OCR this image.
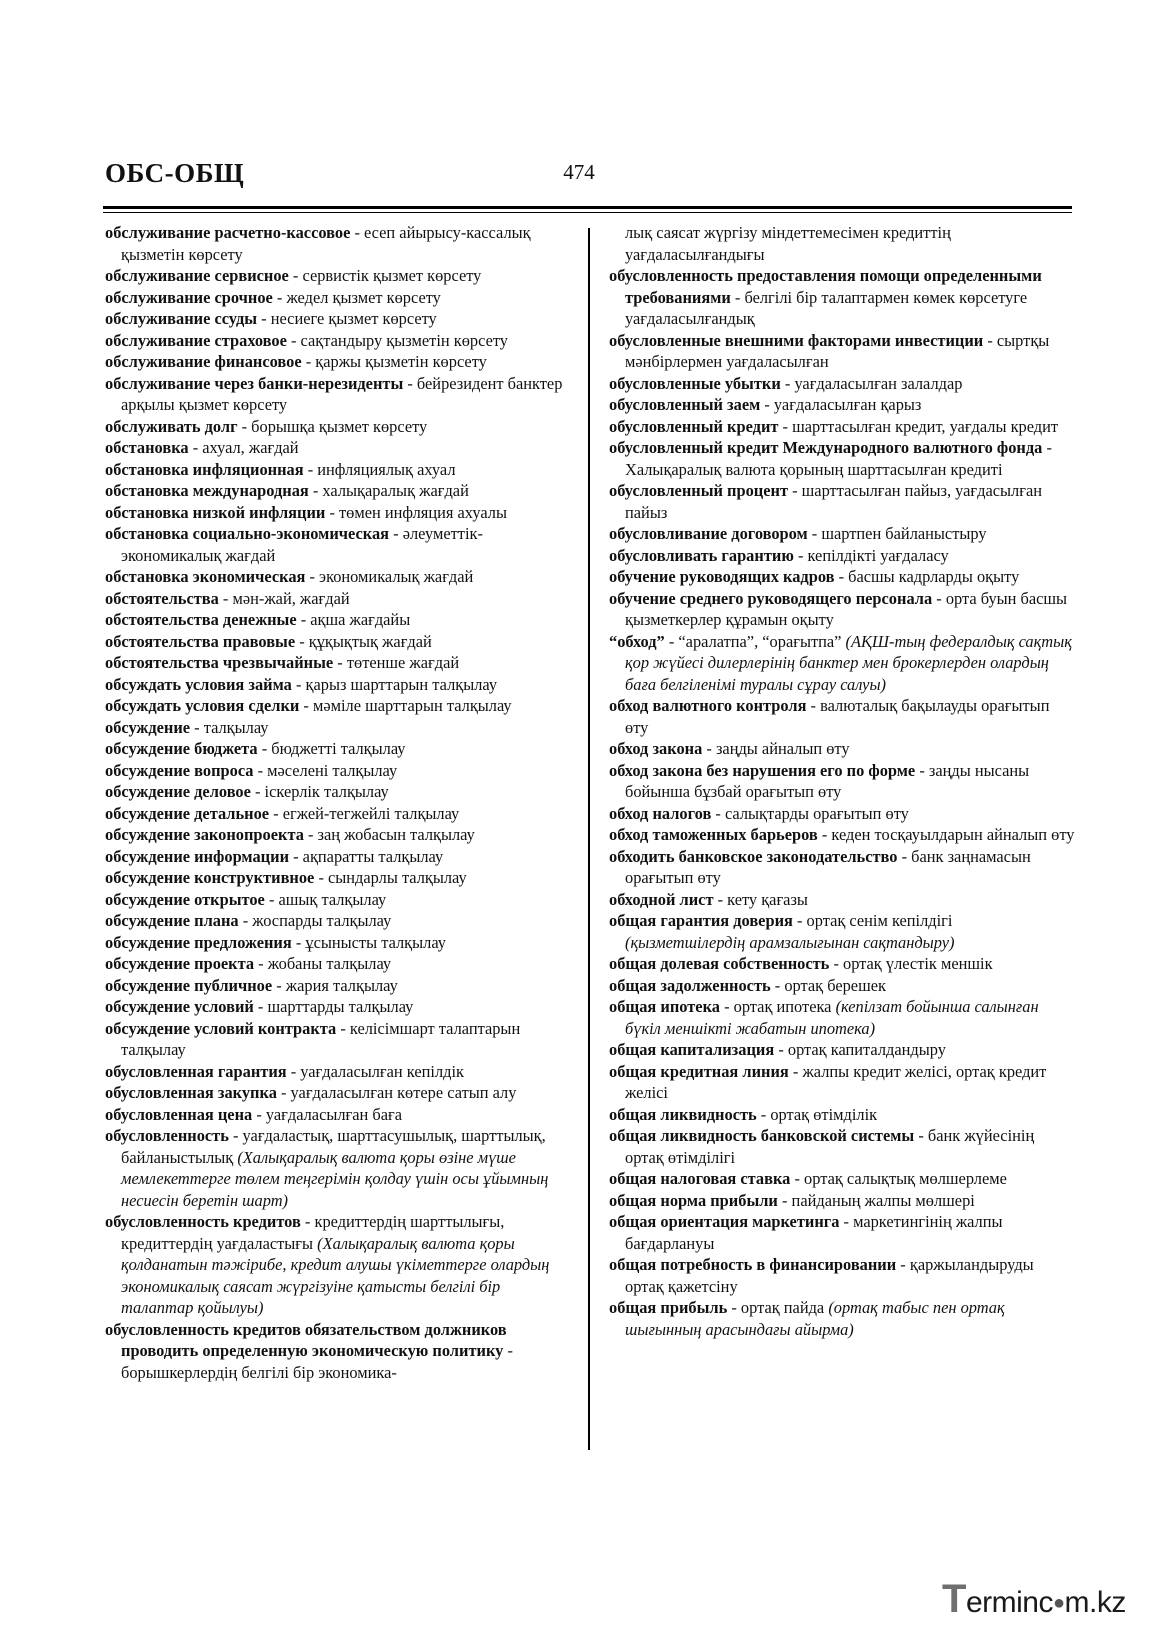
ОБС-ОБЩ	474

обслуживание расчетно-кассовое - есеп айырысу-кассалық қызметін көрсету

обслуживание сервисное - сервистік қызмет көрсету

обслуживание срочное - жедел қызмет көрсету

обслуживание ссуды - несиеге қызмет көрсету

обслуживание страховое - сақтандыру қызметін көрсету

обслуживание финансовое - қаржы қызметін көрсету

обслуживание через банки-нерезиденты - бейрезидент банктер арқылы қызмет көрсету

обслуживать долг - борышқа қызмет көрсету

обстановка - ахуал, жағдай

обстановка инфляционная - инфляциялық ахуал

обстановка международная - халықаралық жағдай

обстановка низкой инфляции - төмен инфляция ахуалы

обстановка социально-экономическая - әлеуметтік-экономикалық жағдай

обстановка экономическая - экономикалық жағдай

обстоятельства - мән-жай, жағдай

обстоятельства денежные - ақша жағдайы

обстоятельства правовые - құқықтық жағдай

обстоятельства чрезвычайные - төтенше жағдай

обсуждать условия займа - қарыз шарттарын талқылау

обсуждать условия сделки - мәміле шарттарын талқылау

обсуждение - талқылау

обсуждение бюджета - бюджетті талқылау

обсуждение вопроса - мәселені талқылау

обсуждение деловое - іскерлік талқылау

обсуждение детальное - егжей-тегжейлі талқылау

обсуждение законопроекта - заң жобасын талқылау

обсуждение информации - ақпаратты талқылау

обсуждение конструктивное - сындарлы талқылау

обсуждение открытое - ашық талқылау

обсуждение плана - жоспарды талқылау

обсуждение предложения - ұсынысты талқылау

обсуждение проекта - жобаны талқылау

обсуждение публичное - жария талқылау

обсуждение условий - шарттарды талқылау

обсуждение условий контракта - келісімшарт талаптарын талқылау

обусловленная гарантия - уағдаласылған кепілдік

обусловленная закупка - уағдаласылған көтере сатып алу

обусловленная цена - уағдаласылған баға

обусловленность - уағдаластық, шарттасушылық, шарттылық, байланыстылық (Халықаралық валюта қоры өзіне мүше мемлекеттерге төлем теңгерімін қолдау үшін осы ұйымның несиесін беретін шарт)

обусловленность кредитов - кредиттердің шарттылығы, кредиттердің уағдаластығы (Халықаралық валюта қоры қолданатын тәжірибе, кредит алушы үкіметтерге олардың экономикалық саясат жүргізуіне қатысты белгілі бір талаптар қойылуы)

обусловленность кредитов обязательством должников проводить определенную экономическую политику - борышкерлердің белгілі бір экономика-

лық саясат жүргізу міндеттемесімен кредиттің уағдаласылғандығы

обусловленность предоставления помощи определенными требованиями - белгілі бір талаптармен көмек көрсетуге уағдаласылғандық

обусловленные внешними факторами инвестиции - сыртқы мәнбірлермен уағдаласылған

обусловленные убытки - уағдаласылған залалдар

обусловленный заем - уағдаласылған қарыз

обусловленный кредит - шарттасылған кредит, уағдалы кредит

обусловленный кредит Международного валютного фонда - Халықаралық валюта қорының шарттасылған кредиті

обусловленный процент - шарттасылған пайыз, уағдасылған пайыз

обусловливание договором - шартпен байланыстыру

обусловливать гарантию - кепілдікті уағдаласу

обучение руководящих кадров - басшы кадрларды оқыту

обучение среднего руководящего персонала - орта буын басшы қызметкерлер құрамын оқыту

“обход” - “аралатпа”, “орағытпа” (АҚШ-тың федералдық сақтық қор жүйесі дилерлерінің банктер мен брокерлерден олардың баға белгіленімі туралы сұрау салуы)

обход валютного контроля - валюталық бақылауды орағытып өту

обход закона - заңды айналып өту

обход закона без нарушения его по форме - заңды нысаны бойынша бұзбай орағытып өту

обход налогов - салықтарды орағытып өту

обход таможенных барьеров - кеден тосқауылдарын айналып өту

обходить банковское законодательство - банк заңнамасын орағытып өту

обходной лист - кету қағазы

общая гарантия доверия - ортақ сенім кепілдігі (қызметшілердің арамзалығынан сақтандыру)

общая долевая собственность - ортақ үлестік меншік

общая задолженность - ортақ берешек

общая ипотека - ортақ ипотека (кепілзат бойынша салынған бүкіл меншікті жабатын ипотека)

общая капитализация - ортақ капиталдандыру

общая кредитная линия - жалпы кредит желісі, ортақ кредит желісі

общая ликвидность - ортақ өтімділік

общая ликвидность банковской системы - банк жүйесінің ортақ өтімділігі

общая налоговая ставка - ортақ салықтық мөлшерлеме

общая норма прибыли - пайданың жалпы мөлшері

общая ориентация маркетинга - маркетингінің жалпы бағдарлануы

общая потребность в финансировании - қаржыландыруды ортақ қажетсіну

общая прибыль - ортақ пайда (ортақ табыс пен ортақ шығынның арасындағы айырма)

Terminc●m.kz
